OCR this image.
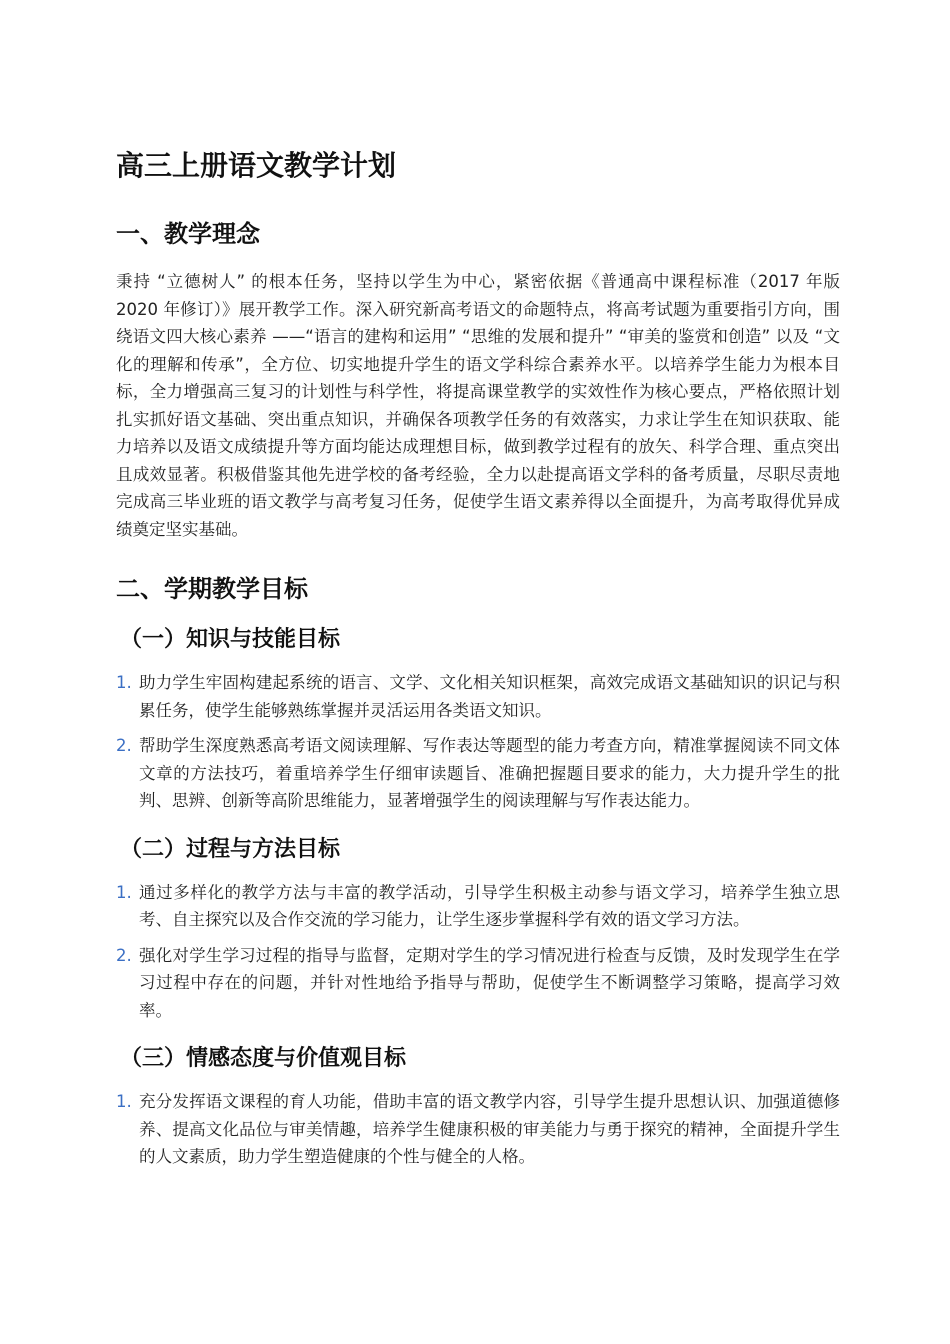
高三上册语文教学计划
一、教学理念

秉持 “立德树人” 的根本任务，坚持以学生为中心，紧密依据《普通高中课程标准（2017 年版 2020 年修订）》展开教学工作。深入研究新高考语文的命题特点，将高考试题为重要指引方向，围绕语文四大核心素养 ——“语言的建构和运用” “思维的发展和提升” “审美的鉴赏和创造” 以及 “文化的理解和传承”，全方位、切实地提升学生的语文学科综合素养水平。以培养学生能力为根本目标，全力增强高三复习的计划性与科学性，将提高课堂教学的实效性作为核心要点，严格依照计划扎实抓好语文基础、突出重点知识，并确保各项教学任务的有效落实，力求让学生在知识获取、能力培养以及语文成绩提升等方面均能达成理想目标，做到教学过程有的放矢、科学合理、重点突出且成效显著。积极借鉴其他先进学校的备考经验，全力以赴提高语文学科的备考质量，尽职尽责地完成高三毕业班的语文教学与高考复习任务，促使学生语文素养得以全面提升，为高考取得优异成绩奠定坚实基础。

二、学期教学目标
（一）知识与技能目标
1. 助力学生牢固构建起系统的语言、文学、文化相关知识框架，高效完成语文基础知识的识记与积累任务，使学生能够熟练掌握并灵活运用各类语文知识。
2. 帮助学生深度熟悉高考语文阅读理解、写作表达等题型的能力考查方向，精准掌握阅读不同文体文章的方法技巧，着重培养学生仔细审读题旨、准确把握题目要求的能力，大力提升学生的批判、思辨、创新等高阶思维能力，显著增强学生的阅读理解与写作表达能力。
（二）过程与方法目标
1. 通过多样化的教学方法与丰富的教学活动，引导学生积极主动参与语文学习，培养学生独立思考、自主探究以及合作交流的学习能力，让学生逐步掌握科学有效的语文学习方法。
2. 强化对学生学习过程的指导与监督，定期对学生的学习情况进行检查与反馈，及时发现学生在学习过程中存在的问题，并针对性地给予指导与帮助，促使学生不断调整学习策略，提高学习效率。
（三）情感态度与价值观目标
1. 充分发挥语文课程的育人功能，借助丰富的语文教学内容，引导学生提升思想认识、加强道德修养、提高文化品位与审美情趣，培养学生健康积极的审美能力与勇于探究的精神，全面提升学生的人文素质，助力学生塑造健康的个性与健全的人格。
